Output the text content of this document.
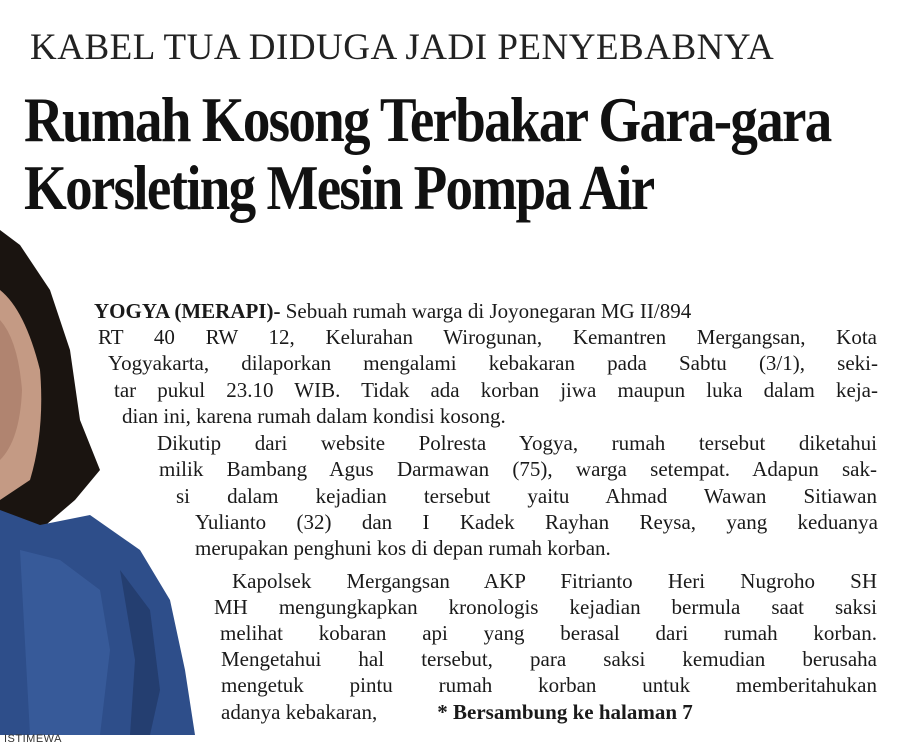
KABEL TUA DIDUGA JADI PENYEBABNYA
Rumah Kosong Terbakar Gara-gara
Korsleting Mesin Pompa Air
ISTIMEWA
YOGYA (MERAPI)- Sebuah rumah warga di Joyonegaran MG II/894
RT 40 RW 12, Kelurahan Wirogunan, Kemantren Mergangsan, Kota
Yogyakarta, dilaporkan mengalami kebakaran pada Sabtu (3/1), seki-
tar pukul 23.10 WIB. Tidak ada korban jiwa maupun luka dalam keja-
dian ini, karena rumah dalam kondisi kosong.
Dikutip dari website Polresta Yogya, rumah tersebut diketahui
milik Bambang Agus Darmawan (75), warga setempat. Adapun sak-
si dalam kejadian tersebut yaitu Ahmad Wawan Sitiawan
Yulianto (32) dan I Kadek Rayhan Reysa, yang keduanya
merupakan penghuni kos di depan rumah korban.
Kapolsek Mergangsan AKP Fitrianto Heri Nugroho SH
MH mengungkapkan kronologis kejadian bermula saat saksi
melihat kobaran api yang berasal dari rumah korban.
Mengetahui hal tersebut, para saksi kemudian berusaha
mengetuk pintu rumah korban untuk memberitahukan
adanya kebakaran,	* Bersambung ke halaman 7
